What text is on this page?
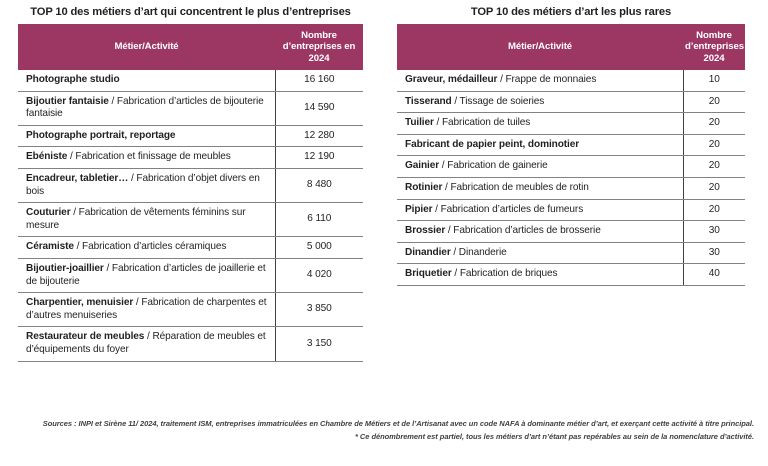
TOP 10 des métiers d’art qui concentrent le plus d’entreprises
Métier/Activité	Nombre d’entreprises en 2024
Photographe studio	16 160
Bijoutier fantaisie / Fabrication d’articles de bijouterie fantaisie	14 590
Photographe portrait, reportage	12 280
Ebéniste / Fabrication et finissage de meubles	12 190
Encadreur, tabletier… / Fabrication d’objet divers en bois	8 480
Couturier / Fabrication de vêtements féminins sur mesure	6 110
Céramiste / Fabrication d’articles céramiques	5 000
Bijoutier-joaillier / Fabrication d’articles de joaillerie et de bijouterie	4 020
Charpentier, menuisier / Fabrication de charpentes et d’autres menuiseries	3 850
Restaurateur de meubles / Réparation de meubles et d’équipements du foyer	3 150
TOP 10 des métiers d’art les plus rares
Métier/Activité	Nombre d’entreprises 2024
Graveur, médailleur / Frappe de monnaies	10
Tisserand / Tissage de soieries	20
Tuilier / Fabrication de tuiles	20
Fabricant de papier peint, dominotier	20
Gainier / Fabrication de gainerie	20
Rotinier / Fabrication de meubles de rotin	20
Pipier / Fabrication d’articles de fumeurs	20
Brossier / Fabrication d’articles de brosserie	30
Dinandier / Dinanderie	30
Briquetier / Fabrication de briques	40
Sources : INPI et Sirène 11/ 2024, traitement ISM, entreprises immatriculées en Chambre de Métiers et de l’Artisanat avec un code NAFA à dominante métier d’art, et exerçant cette activité à titre principal.
* Ce dénombrement est partiel, tous les métiers d’art n’étant pas repérables au sein de la nomenclature d’activité.
